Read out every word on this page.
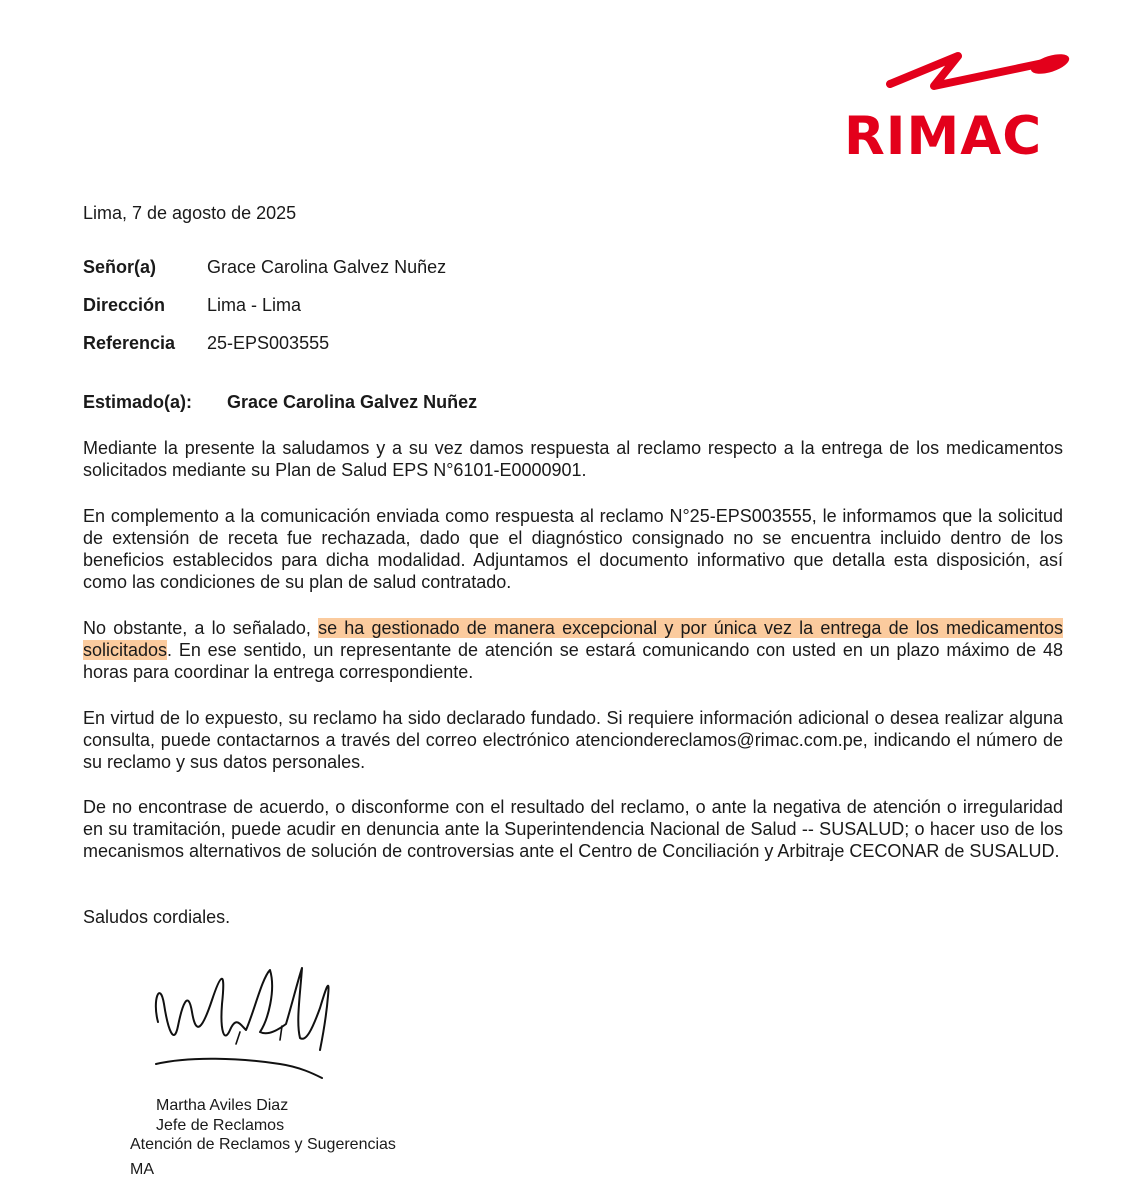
RIMAC
Lima, 7 de agosto de 2025
Señor(a)	Grace Carolina Galvez Nuñez
Dirección Lima - Lima
Referencia 25-EPS003555
Estimado(a): Grace Carolina Galvez Nuñez

Mediante la presente la saludamos y a su vez damos respuesta al reclamo respecto a la entrega de los medicamentos solicitados mediante su Plan de Salud EPS N°6101-E0000901.

En complemento a la comunicación enviada como respuesta al reclamo N°25-EPS003555, le informamos que la solicitud de extensión de receta fue rechazada, dado que el diagnóstico consignado no se encuentra incluido dentro de los beneficios establecidos para dicha modalidad. Adjuntamos el documento informativo que detalla esta disposición, así como las condiciones de su plan de salud contratado.

No obstante, a lo señalado, se ha gestionado de manera excepcional y por única vez la entrega de los medicamentos solicitados. En ese sentido, un representante de atención se estará comunicando con usted en un plazo máximo de 48 horas para coordinar la entrega correspondiente.

En virtud de lo expuesto, su reclamo ha sido declarado fundado. Si requiere información adicional o desea realizar alguna consulta, puede contactarnos a través del correo electrónico atenciondereclamos@rimac.com.pe, indicando el número de su reclamo y sus datos personales.

De no encontrase de acuerdo, o disconforme con el resultado del reclamo, o ante la negativa de atención o irregularidad en su tramitación, puede acudir en denuncia ante la Superintendencia Nacional de Salud -- SUSALUD; o hacer uso de los mecanismos alternativos de solución de controversias ante el Centro de Conciliación y Arbitraje CECONAR de SUSALUD.

Saludos cordiales.
Martha Aviles Diaz
Jefe de Reclamos
Atención de Reclamos y Sugerencias
MA
